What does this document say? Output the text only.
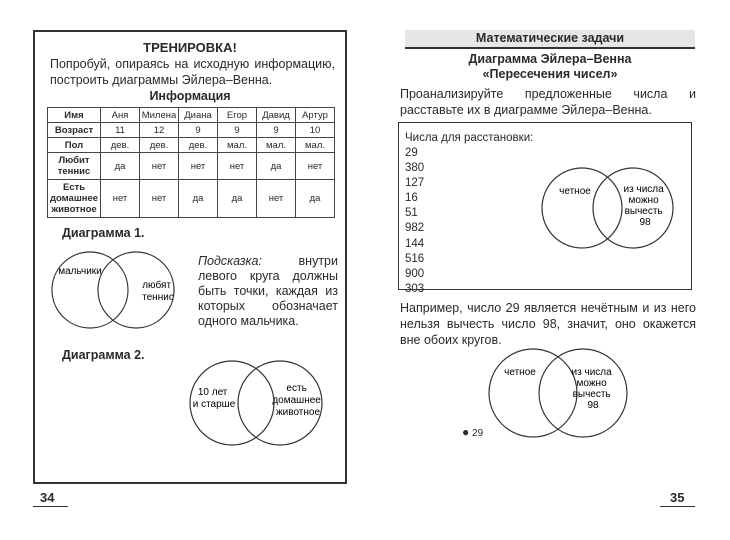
ТРЕНИРОВКА!
Попробуй, опираясь на исходную информацию, построить диаграммы Эйлера–Венна.
Информация
Имя	Аня	Милена	Диана	Егор	Давид	Артур
Возраст	11	12	9	9	9	10
Пол	дев.	дев.	дев.	мал.	мал.	мал.
Любит теннис	да	нет	нет	нет	да	нет
Есть домашнее животное	нет	нет	да	да	нет	да
Диаграмма 1.
мальчики
любят теннис
Подсказка: внутри левого круга должны быть точки, каждая из которых обозначает одного мальчика.
Диаграмма 2.
10 лет и старше
есть домашнее животное
34
Математические задачи
Диаграмма Эйлера–Венна
«Пересечения чисел»
Проанализируйте предложенные числа и расставьте их в диаграмме Эйлера–Венна.
Числа для расстановки:
29
380
127
16
51
982
144
516
900
303
четное	из числа можно вычесть 98
Например, число 29 является нечётным и из него нельзя вычесть число 98, значит, оно окажется вне обоих кругов.
четное	из числа можно вычесть 98
● 29
35
